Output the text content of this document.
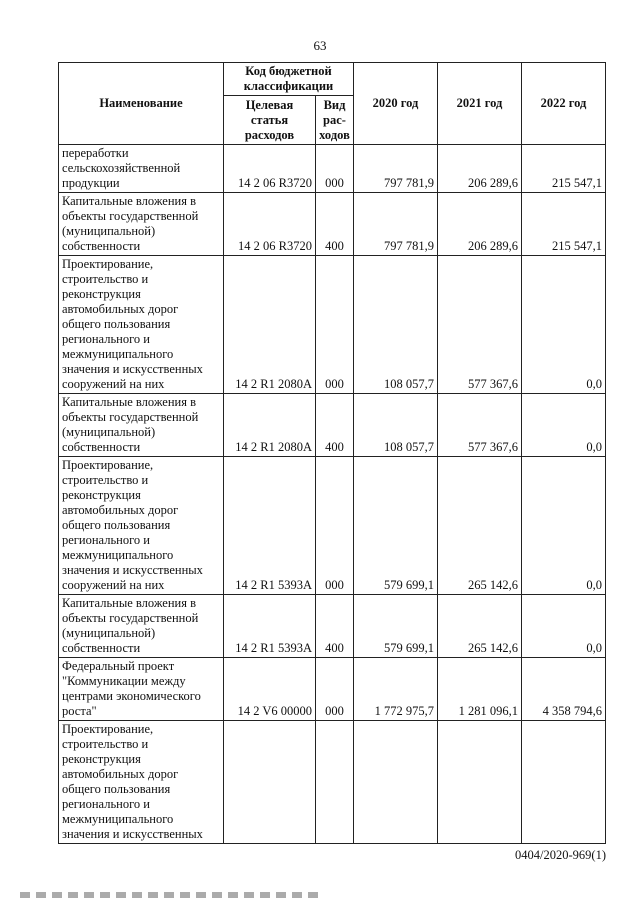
63
Наименование	Код бюджетной классификации		2020 год	2021 год	2022 год
	Целевая статья расходов	Вид рас-ходов			
переработки сельскохозяйственной продукции	14 2 06 R3720	000	797 781,9	206 289,6	215 547,1
Капитальные вложения в объекты государственной (муниципальной) собственности	14 2 06 R3720	400	797 781,9	206 289,6	215 547,1
Проектирование, строительство и реконструкция автомобильных дорог общего пользования регионального и межмуниципального значения и искусственных сооружений на них	14 2 R1 2080A	000	108 057,7	577 367,6	0,0
Капитальные вложения в объекты государственной (муниципальной) собственности	14 2 R1 2080A	400	108 057,7	577 367,6	0,0
Проектирование, строительство и реконструкция автомобильных дорог общего пользования регионального и межмуниципального значения и искусственных сооружений на них	14 2 R1 5393A	000	579 699,1	265 142,6	0,0
Капитальные вложения в объекты государственной (муниципальной) собственности	14 2 R1 5393A	400	579 699,1	265 142,6	0,0
Федеральный проект "Коммуникации между центрами экономического роста"	14 2 V6 00000	000	1 772 975,7	1 281 096,1	4 358 794,6
Проектирование, строительство и реконструкция автомобильных дорог общего пользования регионального и межмуниципального значения и искусственных					
0404/2020-969(1)
